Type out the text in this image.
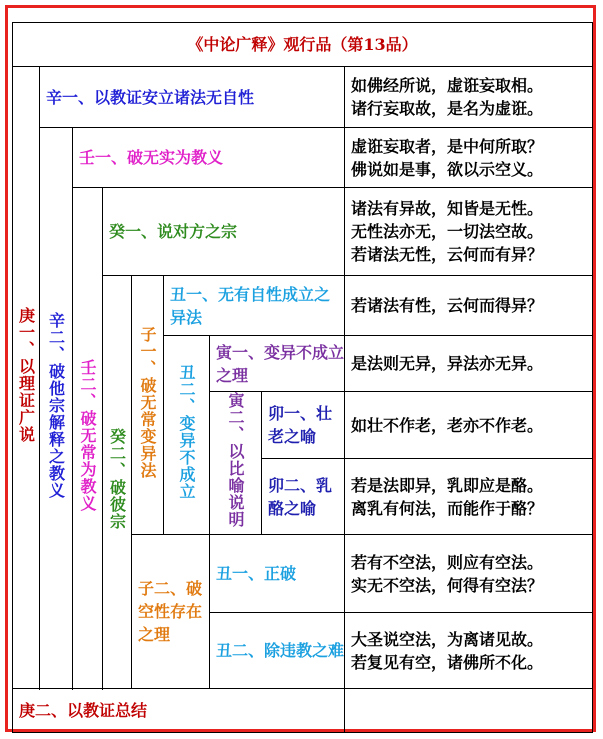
《中论广释》观行品（第13品）								
庚一、以理证广说	辛一、以教证安立诸法无自性							如佛经所说，虚诳妄取相。
诸行妄取故，是名为虚诳。

	辛二、破他宗解释之教义	壬一、破无实为教义						虚诳妄取者，是中何所取？
佛说如是事，欲以示空义。

		壬二、破无常为教义	癸一、说对方之宗					诸法有异故，知皆是无性。
无性法亦无，一切法空故。
若诸法无性，云何而有异？

			癸二、破彼宗	子一、破无常变异法	丑一、无有自性成立之异法			若诸法有性，云何而得异？

					丑二、变异不成立	寅一、变异不成立之理		是法则无异，异法亦无异。

						寅二、以比喻说明	卯一、壮老之喻	如壮不作老，老亦不作老。

							卯二、乳酪之喻	若是法即异，乳即应是酪。
离乳有何法，而能作于酪？

				子二、破空性存在之理		丑一、正破		若有不空法，则应有空法。
实无不空法，何得有空法？

						丑二、除违教之难		大圣说空法，为离诸见故。
若复见有空，诸佛所不化。

庚二、以教证总结								
